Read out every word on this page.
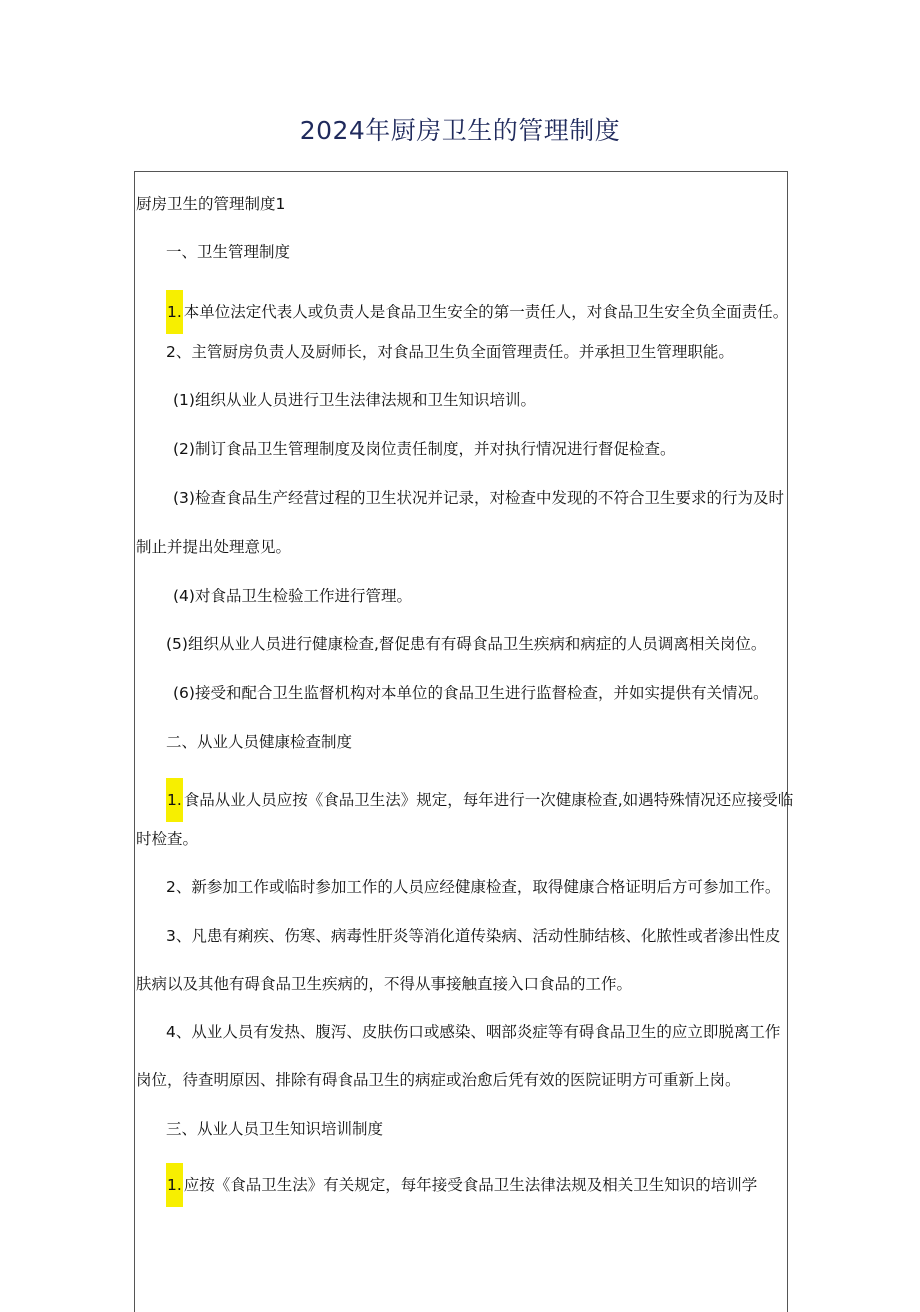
2024年厨房卫生的管理制度
厨房卫生的管理制度1
一、卫生管理制度
1. 本单位法定代表人或负责人是食品卫生安全的第一责任人，对食品卫生安全负全面责任。
2、主管厨房负责人及厨师长，对食品卫生负全面管理责任。并承担卫生管理职能。
(1)组织从业人员进行卫生法律法规和卫生知识培训。
(2)制订食品卫生管理制度及岗位责任制度，并对执行情况进行督促检查。
(3)检查食品生产经营过程的卫生状况并记录，对检查中发现的不符合卫生要求的行为及时
制止并提出处理意见。
(4)对食品卫生检验工作进行管理。
(5)组织从业人员进行健康检查,督促患有有碍食品卫生疾病和病症的人员调离相关岗位。
(6)接受和配合卫生监督机构对本单位的食品卫生进行监督检查，并如实提供有关情况。
二、从业人员健康检查制度
1. 食品从业人员应按《食品卫生法》规定，每年进行一次健康检查,如遇特殊情况还应接受临
时检查。
2、新参加工作或临时参加工作的人员应经健康检查，取得健康合格证明后方可参加工作。
3、凡患有痢疾、伤寒、病毒性肝炎等消化道传染病、活动性肺结核、化脓性或者渗出性皮
肤病以及其他有碍食品卫生疾病的，不得从事接触直接入口食品的工作。
4、从业人员有发热、腹泻、皮肤伤口或感染、咽部炎症等有碍食品卫生的应立即脱离工作
岗位，待查明原因、排除有碍食品卫生的病症或治愈后凭有效的医院证明方可重新上岗。
三、从业人员卫生知识培训制度
1. 应按《食品卫生法》有关规定，每年接受食品卫生法律法规及相关卫生知识的培训学
